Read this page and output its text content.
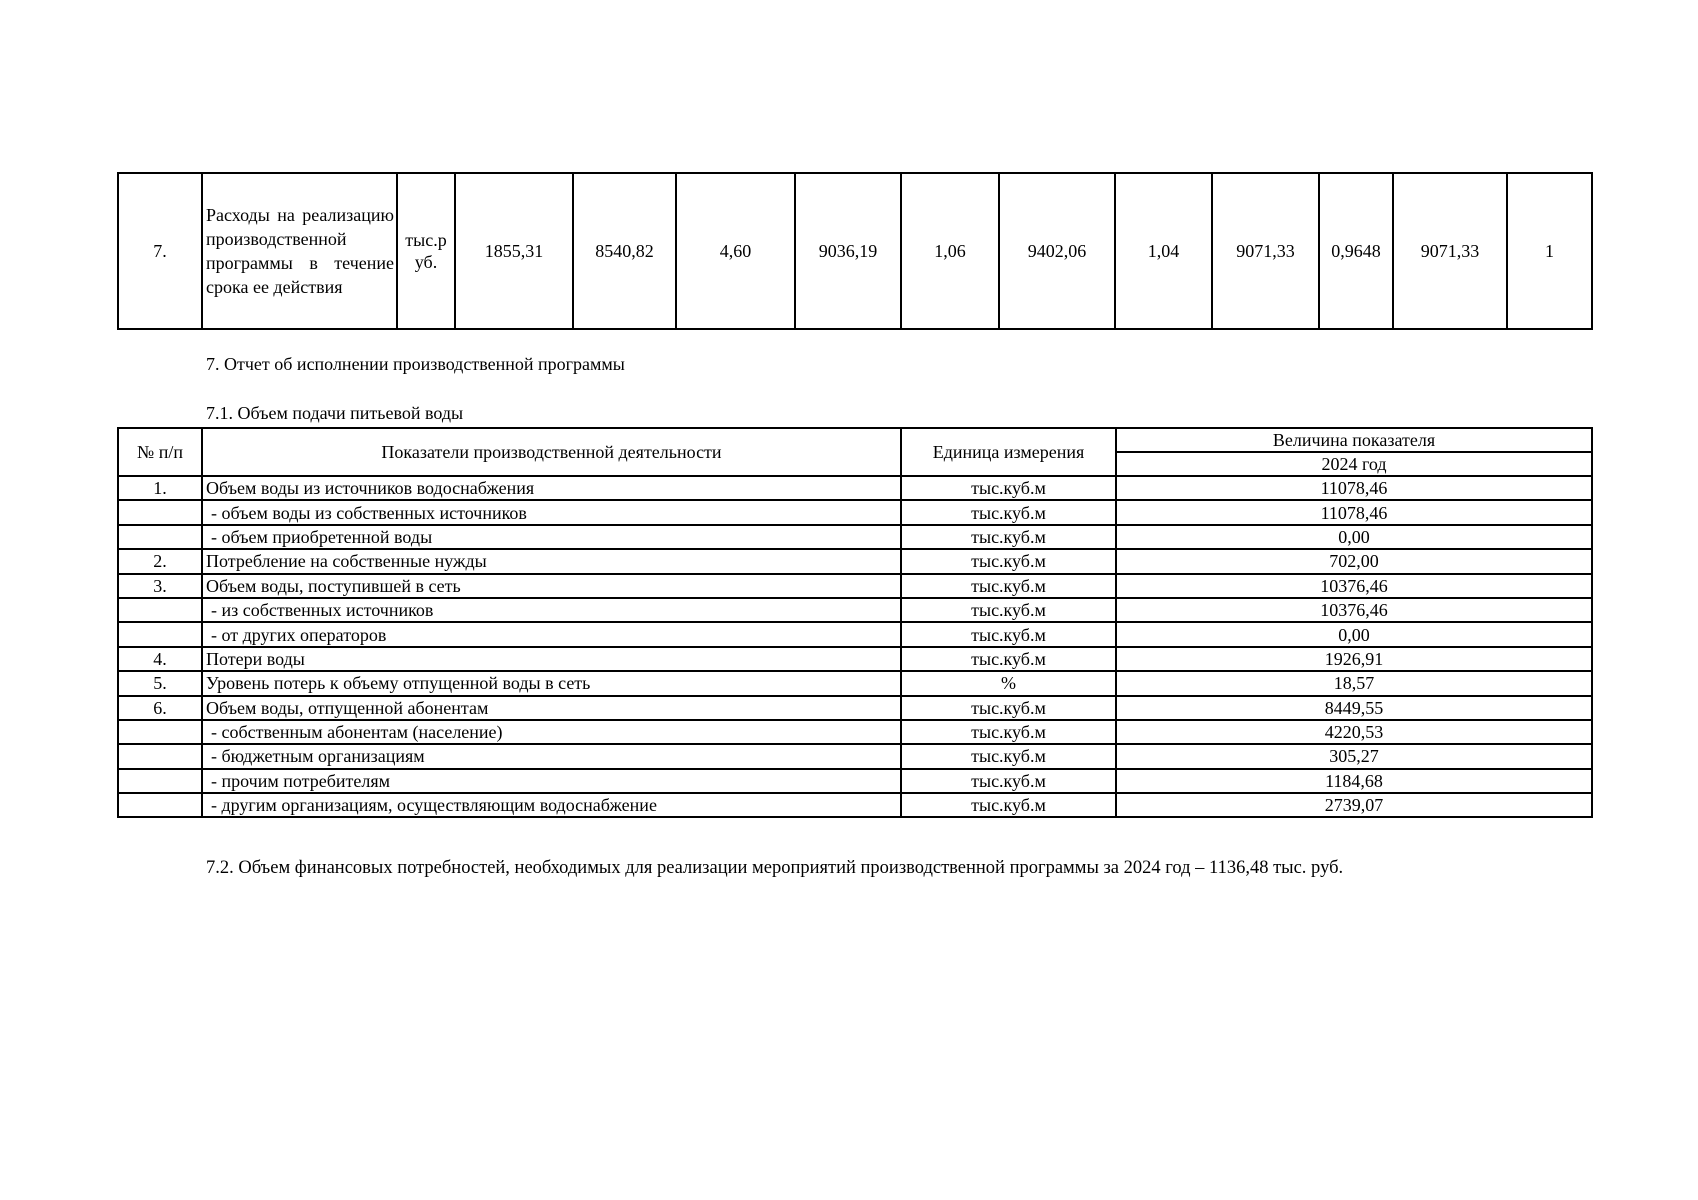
7.	Расходы на реализацию производственной программы в течение срока ее действия	тыс.р уб.	1855,31	8540,82	4,60	9036,19	1,06	9402,06	1,04	9071,33	0,9648	9071,33	1
7. Отчет об исполнении производственной программы
7.1. Объем подачи питьевой воды
№ п/п	Показатели производственной деятельности	Единица измерения	Величина показателя
			2024 год
1.	Объем воды из источников водоснабжения	тыс.куб.м	11078,46
	- объем воды из собственных источников	тыс.куб.м	11078,46
	- объем приобретенной воды	тыс.куб.м	0,00
2.	Потребление на собственные нужды	тыс.куб.м	702,00
3.	Объем воды, поступившей в сеть	тыс.куб.м	10376,46
	- из собственных источников	тыс.куб.м	10376,46
	- от других операторов	тыс.куб.м	0,00
4.	Потери воды	тыс.куб.м	1926,91
5.	Уровень потерь к объему отпущенной воды в сеть	%	18,57
6.	Объем воды, отпущенной абонентам	тыс.куб.м	8449,55
	- собственным абонентам (население)	тыс.куб.м	4220,53
	- бюджетным организациям	тыс.куб.м	305,27
	- прочим потребителям	тыс.куб.м	1184,68
	- другим организациям, осуществляющим водоснабжение	тыс.куб.м	2739,07
7.2. Объем финансовых потребностей, необходимых для реализации мероприятий производственной программы за 2024 год – 1136,48 тыс. руб.
